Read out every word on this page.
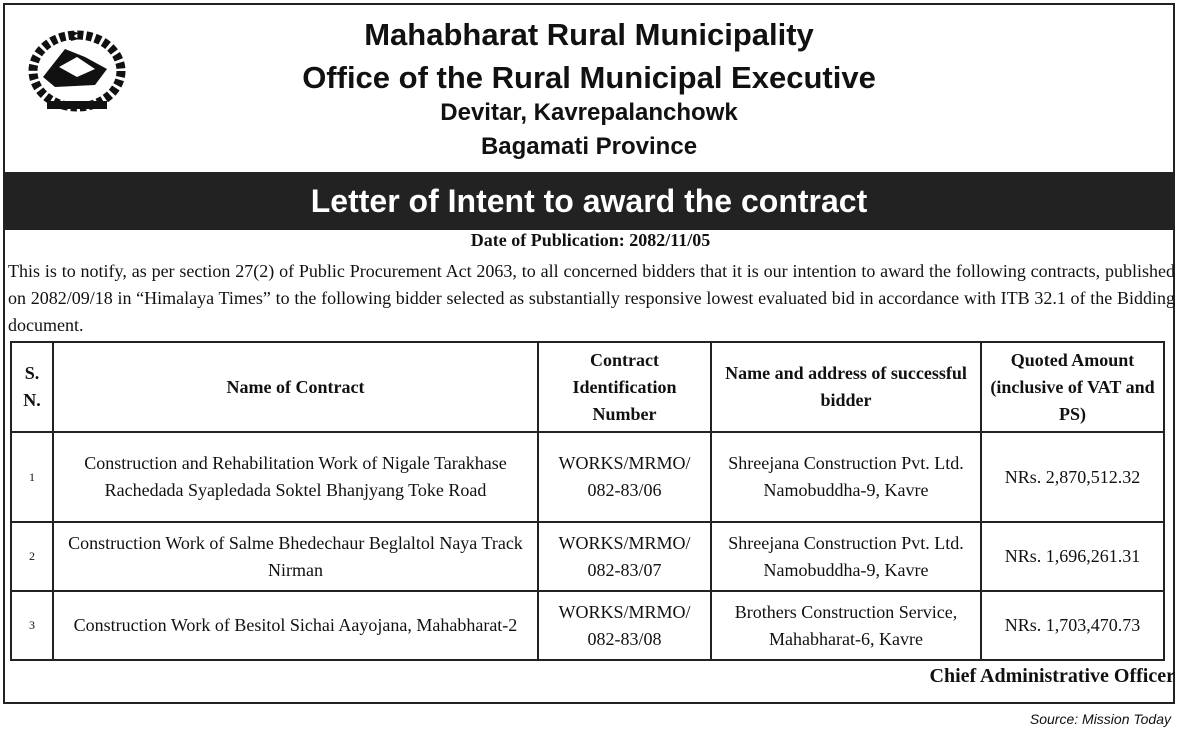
Mahabharat Rural Municipality
Office of the Rural Municipal Executive
Devitar, Kavrepalanchowk
Bagamati Province
Letter of Intent to award the contract
Date of Publication: 2082/11/05
This is to notify, as per section 27(2) of Public Procurement Act 2063, to all concerned bidders that it is our intention to award the following contracts, published on 2082/09/18 in “Himalaya Times” to the following bidder selected as substantially responsive lowest evaluated bid in accordance with ITB 32.1 of the Bidding document.
S. N.	Name of Contract	Contract Identification Number	Name and address of successful bidder	Quoted Amount (inclusive of VAT and PS)
1	Construction and Rehabilitation Work of Nigale Tarakhase Rachedada Syapledada Soktel Bhanjyang Toke Road	WORKS/MRMO/ 082-83/06	Shreejana Construction Pvt. Ltd. Namobuddha-9, Kavre	NRs. 2,870,512.32
2	Construction Work of Salme Bhedechaur Beglaltol Naya Track Nirman	WORKS/MRMO/ 082-83/07	Shreejana Construction Pvt. Ltd. Namobuddha-9, Kavre	NRs. 1,696,261.31
3	Construction Work of Besitol Sichai Aayojana, Mahabharat-2	WORKS/MRMO/ 082-83/08	Brothers Construction Service, Mahabharat-6, Kavre	NRs. 1,703,470.73
Chief Administrative Officer
Source: Mission Today
